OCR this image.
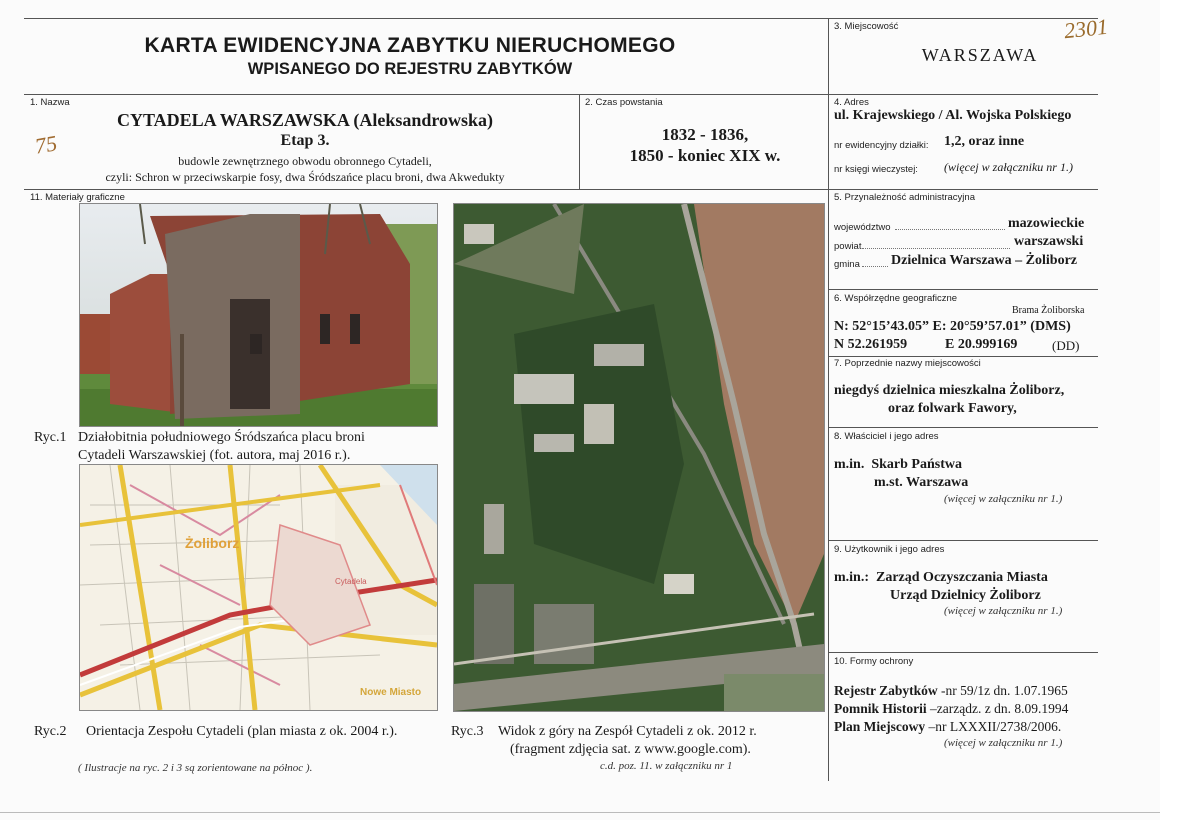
KARTA EWIDENCYJNA ZABYTKU NIERUCHOMEGO
WPISANEGO DO REJESTRU ZABYTKÓW
3. Miejscowość
WARSZAWA
2301
1. Nazwa
CYTADELA WARSZAWSKA (Aleksandrowska)
Etap 3.
budowle zewnętrznego obwodu obronnego Cytadeli,
czyli: Schron w przeciwskarpie fosy, dwa Śródszańce placu broni, dwa Akwedukty
75
2. Czas powstania
1832 - 1836,
1850 - koniec XIX w.
4. Adres
ul. Krajewskiego / Al. Wojska Polskiego
nr ewidencyjny działki: 1,2, oraz inne
nr księgi wieczystej: (więcej w załączniku nr 1.)
11. Materiały graficzne
Ryc.1 Działobitnia południowego Śródszańca placu broni
Cytadeli Warszawskiej (fot. autora, maj 2016 r.).
Żoliborz
Cytadela
Nowe Miasto
Ryc.2 Orientacja Zespołu Cytadeli (plan miasta z ok. 2004 r.).	Ryc.3 Widok z góry na Zespół Cytadeli z ok. 2012 r.
(fragment zdjęcia sat. z www.google.com).
( Ilustracje na ryc. 2 i 3 są zorientowane na północ ).	c.d. poz. 11. w załączniku nr 1
5. Przynależność administracyjna
województwo	mazowieckie
powiat	warszawski
gmina Dzielnica Warszawa – Żoliborz
6. Współrzędne geograficzne
Brama Żoliborska
N: 52°15’43.05” E: 20°59’57.01” (DMS)
N 52.261959	E 20.999169	(DD)
7. Poprzednie nazwy miejscowości
niegdyś dzielnica mieszkalna Żoliborz,
oraz folwark Fawory,
8. Właściciel i jego adres
m.in.  Skarb Państwa
m.st. Warszawa
(więcej w załączniku nr 1.)
9. Użytkownik i jego adres
m.in.:  Zarząd Oczyszczania Miasta
Urząd Dzielnicy Żoliborz
(więcej w załączniku nr 1.)
10. Formy ochrony
Rejestr Zabytków -nr 59/1z dn. 1.07.1965
Pomnik Historii –zarządz. z dn. 8.09.1994
Plan Miejscowy –nr LXXXII/2738/2006.
(więcej w załączniku nr 1.)
